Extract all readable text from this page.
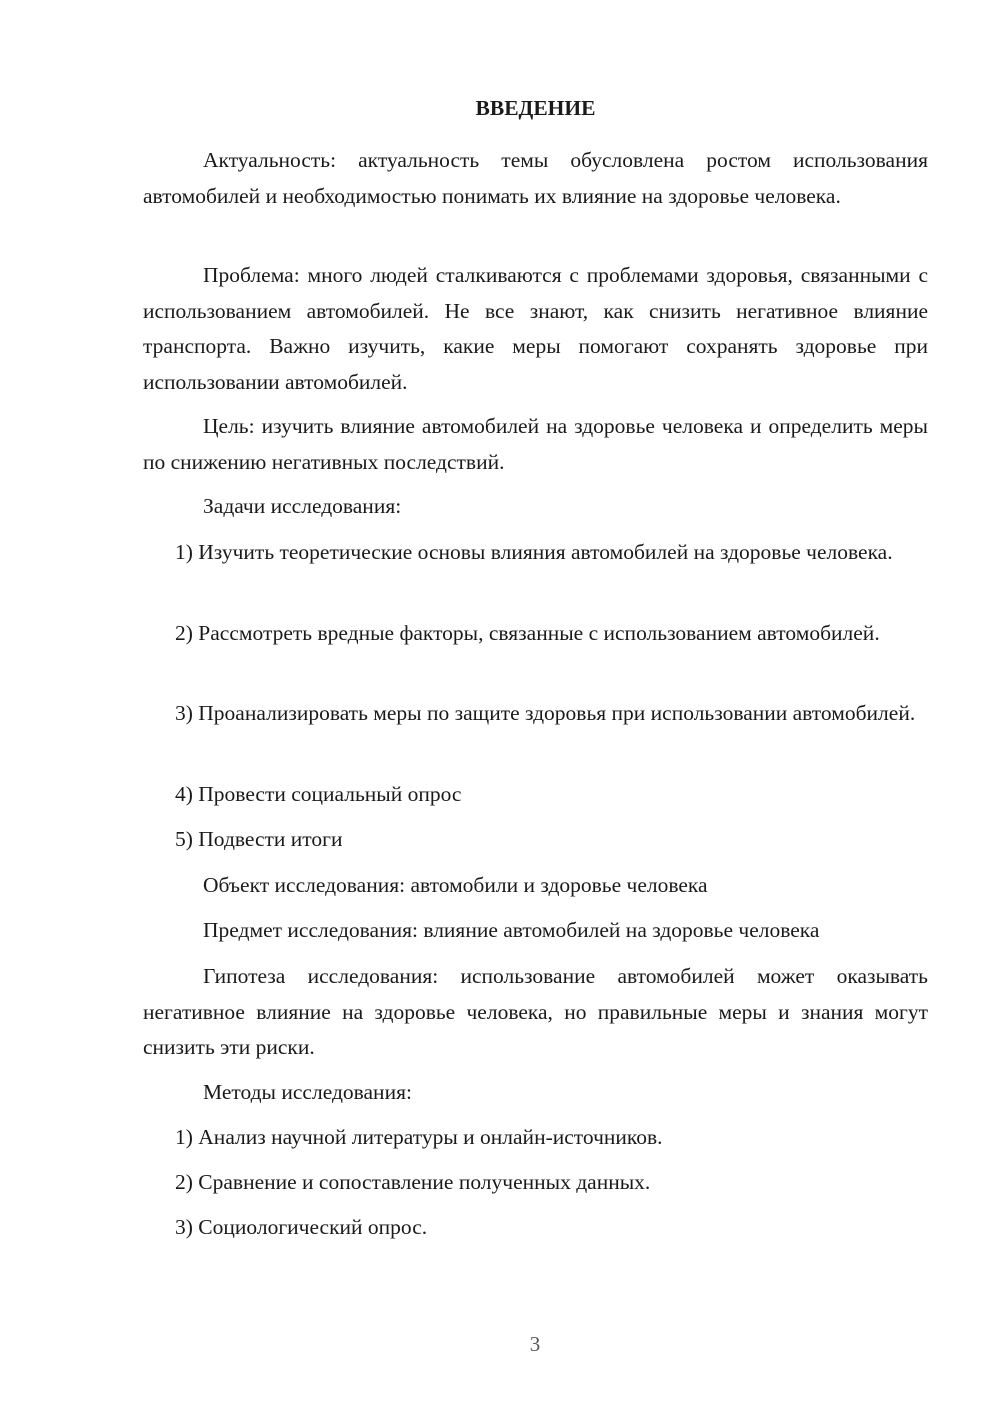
ВВЕДЕНИЕ

Актуальность: актуальность темы обусловлена ростом использования автомобилей и необходимостью понимать их влияние на здоровье человека.

Проблема: много людей сталкиваются с проблемами здоровья, связанными с использованием автомобилей. Не все знают, как снизить негативное влияние транспорта. Важно изучить, какие меры помогают сохранять здоровье при использовании автомобилей.

Цель: изучить влияние автомобилей на здоровье человека и определить меры по снижению негативных последствий.

Задачи исследования:

1) Изучить теоретические основы влияния автомобилей на здоровье человека.

2) Рассмотреть вредные факторы, связанные с использованием автомобилей.

3) Проанализировать меры по защите здоровья при использовании автомобилей.

4) Провести социальный опрос

5) Подвести итоги

Объект исследования: автомобили и здоровье человека

Предмет исследования: влияние автомобилей на здоровье человека

Гипотеза исследования: использование автомобилей может оказывать негативное влияние на здоровье человека, но правильные меры и знания могут снизить эти риски.

Методы исследования:

1) Анализ научной литературы и онлайн-источников.

2) Сравнение и сопоставление полученных данных.

3) Социологический опрос.

3
